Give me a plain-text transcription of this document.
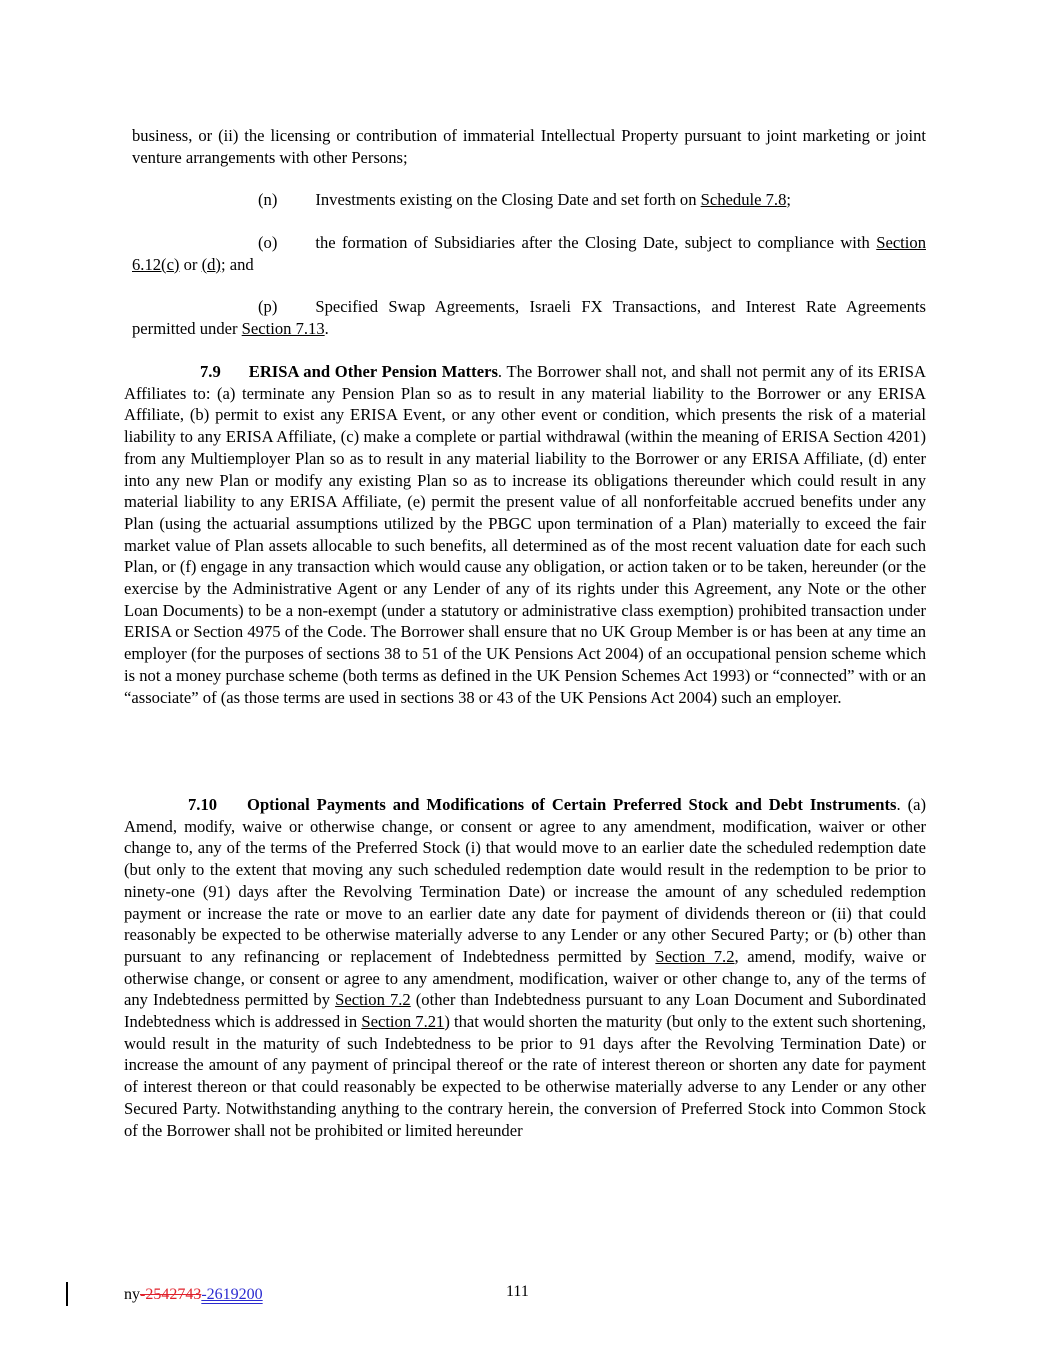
business, or (ii) the licensing or contribution of immaterial Intellectual Property pursuant to joint marketing or joint venture arrangements with other Persons;

(n) Investments existing on the Closing Date and set forth on Schedule 7.8;

(o) the formation of Subsidiaries after the Closing Date, subject to compliance with Section 6.12(c) or (d); and

(p) Specified Swap Agreements, Israeli FX Transactions, and Interest Rate Agreements permitted under Section 7.13.

7.9 ERISA and Other Pension Matters. The Borrower shall not, and shall not permit any of its ERISA Affiliates to: (a) terminate any Pension Plan so as to result in any material liability to the Borrower or any ERISA Affiliate, (b) permit to exist any ERISA Event, or any other event or condition, which presents the risk of a material liability to any ERISA Affiliate, (c) make a complete or partial withdrawal (within the meaning of ERISA Section 4201) from any Multiemployer Plan so as to result in any material liability to the Borrower or any ERISA Affiliate, (d) enter into any new Plan or modify any existing Plan so as to increase its obligations thereunder which could result in any material liability to any ERISA Affiliate, (e) permit the present value of all nonforfeitable accrued benefits under any Plan (using the actuarial assumptions utilized by the PBGC upon termination of a Plan) materially to exceed the fair market value of Plan assets allocable to such benefits, all determined as of the most recent valuation date for each such Plan, or (f) engage in any transaction which would cause any obligation, or action taken or to be taken, hereunder (or the exercise by the Administrative Agent or any Lender of any of its rights under this Agreement, any Note or the other Loan Documents) to be a non-exempt (under a statutory or administrative class exemption) prohibited transaction under ERISA or Section 4975 of the Code. The Borrower shall ensure that no UK Group Member is or has been at any time an employer (for the purposes of sections 38 to 51 of the UK Pensions Act 2004) of an occupational pension scheme which is not a money purchase scheme (both terms as defined in the UK Pension Schemes Act 1993) or “connected” with or an “associate” of (as those terms are used in sections 38 or 43 of the UK Pensions Act 2004) such an employer.

7.10 Optional Payments and Modifications of Certain Preferred Stock and Debt Instruments. (a) Amend, modify, waive or otherwise change, or consent or agree to any amendment, modification, waiver or other change to, any of the terms of the Preferred Stock (i) that would move to an earlier date the scheduled redemption date (but only to the extent that moving any such scheduled redemption date would result in the redemption to be prior to ninety-one (91) days after the Revolving Termination Date) or increase the amount of any scheduled redemption payment or increase the rate or move to an earlier date any date for payment of dividends thereon or (ii) that could reasonably be expected to be otherwise materially adverse to any Lender or any other Secured Party; or (b) other than pursuant to any refinancing or replacement of Indebtedness permitted by Section 7.2, amend, modify, waive or otherwise change, or consent or agree to any amendment, modification, waiver or other change to, any of the terms of any Indebtedness permitted by Section 7.2 (other than Indebtedness pursuant to any Loan Document and Subordinated Indebtedness which is addressed in Section 7.21) that would shorten the maturity (but only to the extent such shortening, would result in the maturity of such Indebtedness to be prior to 91 days after the Revolving Termination Date) or increase the amount of any payment of principal thereof or the rate of interest thereon or shorten any date for payment of interest thereon or that could reasonably be expected to be otherwise materially adverse to any Lender or any other Secured Party. Notwithstanding anything to the contrary herein, the conversion of Preferred Stock into Common Stock of the Borrower shall not be prohibited or limited hereunder

ny-2542743-2619200	111
